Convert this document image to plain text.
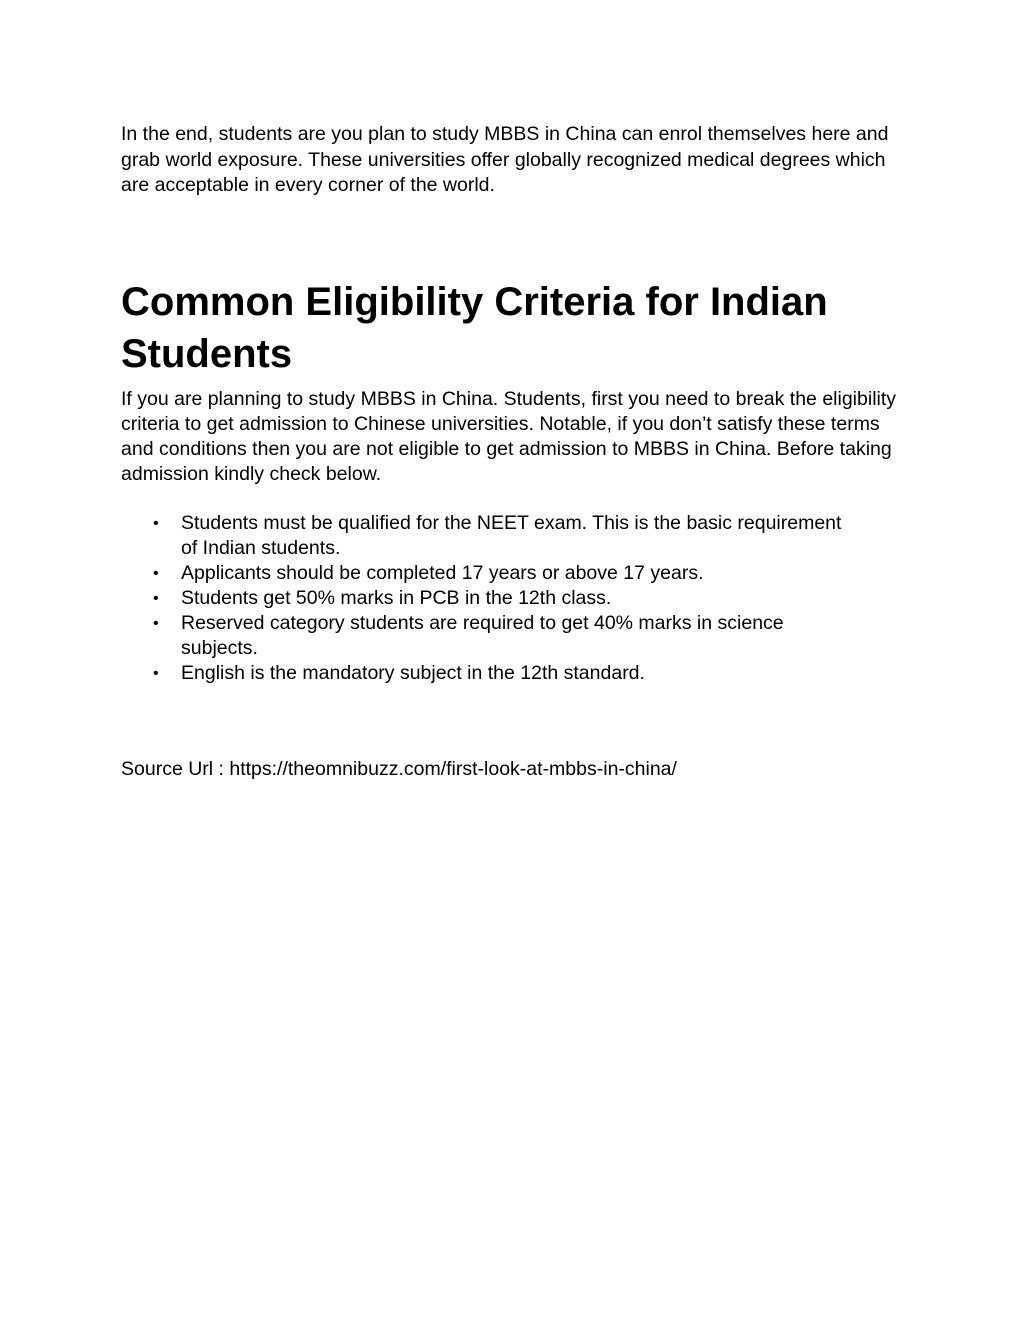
In the end, students are you plan to study MBBS in China can enrol themselves here and grab world exposure. These universities offer globally recognized medical degrees which are acceptable in every corner of the world.

Common Eligibility Criteria for Indian Students

If you are planning to study MBBS in China. Students, first you need to break the eligibility criteria to get admission to Chinese universities. Notable, if you don’t satisfy these terms and conditions then you are not eligible to get admission to MBBS in China. Before taking admission kindly check below.

• Students must be qualified for the NEET exam. This is the basic requirement of Indian students.
• Applicants should be completed 17 years or above 17 years.
• Students get 50% marks in PCB in the 12th class.
• Reserved category students are required to get 40% marks in science subjects.
• English is the mandatory subject in the 12th standard.

Source Url : https://theomnibuzz.com/first-look-at-mbbs-in-china/
